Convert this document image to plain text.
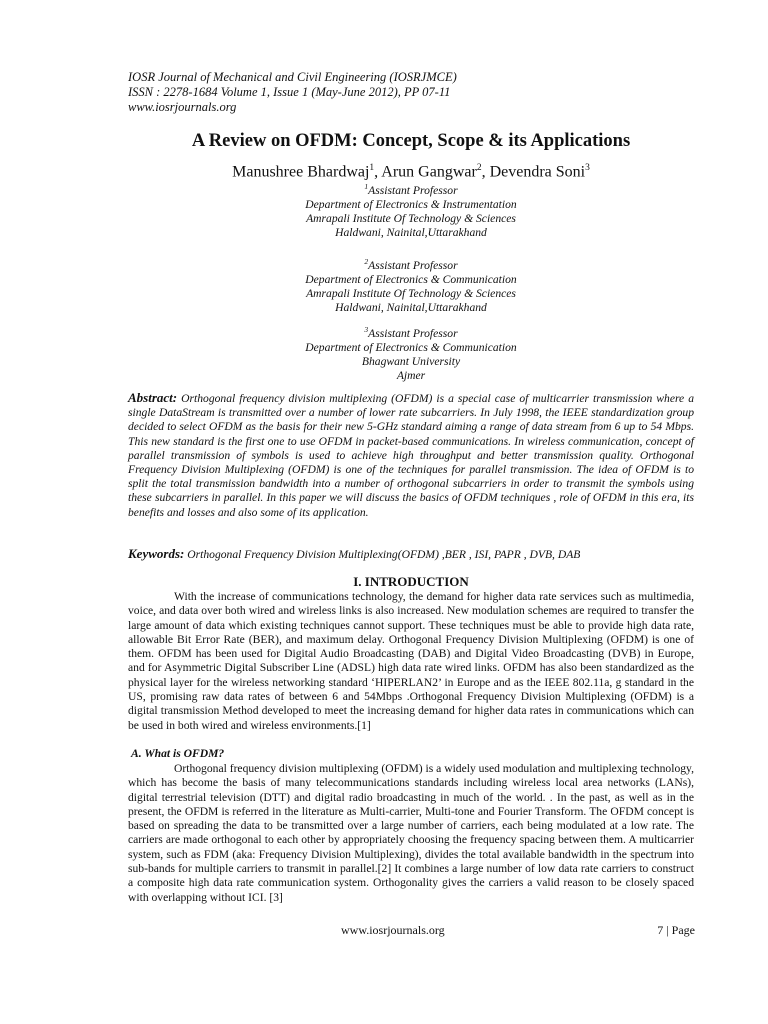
IOSR Journal of Mechanical and Civil Engineering (IOSRJMCE)
ISSN : 2278-1684 Volume 1, Issue 1 (May-June 2012), PP 07-11
www.iosrjournals.org
A Review on OFDM: Concept, Scope & its Applications
Manushree Bhardwaj$^1$, Arun Gangwar$^2$, Devendra Soni$^3$
$^1$Assistant Professor
Department of Electronics & Instrumentation
Amrapali Institute Of Technology & Sciences
Haldwani, Nainital,Uttarakhand
$^2$Assistant Professor
Department of Electronics & Communication
Amrapali Institute Of Technology & Sciences
Haldwani, Nainital,Uttarakhand
$^3$Assistant Professor
Department of Electronics & Communication
Bhagwant University
Ajmer
Abstract: Orthogonal frequency division multiplexing (OFDM) is a special case of multicarrier transmission where a single DataStream is transmitted over a number of lower rate subcarriers. In July 1998, the IEEE standardization group decided to select OFDM as the basis for their new 5-GHz standard aiming a range of data stream from 6 up to 54 Mbps. This new standard is the first one to use OFDM in packet-based communications. In wireless communication, concept of parallel transmission of symbols is used to achieve high throughput and better transmission quality. Orthogonal Frequency Division Multiplexing (OFDM) is one of the techniques for parallel transmission. The idea of OFDM is to split the total transmission bandwidth into a number of orthogonal subcarriers in order to transmit the symbols using these subcarriers in parallel. In this paper we will discuss the basics of OFDM techniques , role of OFDM in this era, its benefits and losses and also some of its application.
Keywords: Orthogonal Frequency Division Multiplexing(OFDM) ,BER , ISI, PAPR , DVB, DAB
I. INTRODUCTION

With the increase of communications technology, the demand for higher data rate services such as multimedia, voice, and data over both wired and wireless links is also increased. New modulation schemes are required to transfer the large amount of data which existing techniques cannot support. These techniques must be able to provide high data rate, allowable Bit Error Rate (BER), and maximum delay. Orthogonal Frequency Division Multiplexing (OFDM) is one of them. OFDM has been used for Digital Audio Broadcasting (DAB) and Digital Video Broadcasting (DVB) in Europe, and for Asymmetric Digital Subscriber Line (ADSL) high data rate wired links. OFDM has also been standardized as the physical layer for the wireless networking standard ‘HIPERLAN2’ in Europe and as the IEEE 802.11a, g standard in the US, promising raw data rates of between 6 and 54Mbps .Orthogonal Frequency Division Multiplexing (OFDM) is a digital transmission Method developed to meet the increasing demand for higher data rates in communications which can be used in both wired and wireless environments.[1]

A. What is OFDM?

Orthogonal frequency division multiplexing (OFDM) is a widely used modulation and multiplexing technology, which has become the basis of many telecommunications standards including wireless local area networks (LANs), digital terrestrial television (DTT) and digital radio broadcasting in much of the world. . In the past, as well as in the present, the OFDM is referred in the literature as Multi-carrier, Multi-tone and Fourier Transform. The OFDM concept is based on spreading the data to be transmitted over a large number of carriers, each being modulated at a low rate. The carriers are made orthogonal to each other by appropriately choosing the frequency spacing between them. A multicarrier system, such as FDM (aka: Frequency Division Multiplexing), divides the total available bandwidth in the spectrum into sub-bands for multiple carriers to transmit in parallel.[2] It combines a large number of low data rate carriers to construct a composite high data rate communication system. Orthogonality gives the carriers a valid reason to be closely spaced with overlapping without ICI. [3]

www.iosrjournals.org	7 | Page
